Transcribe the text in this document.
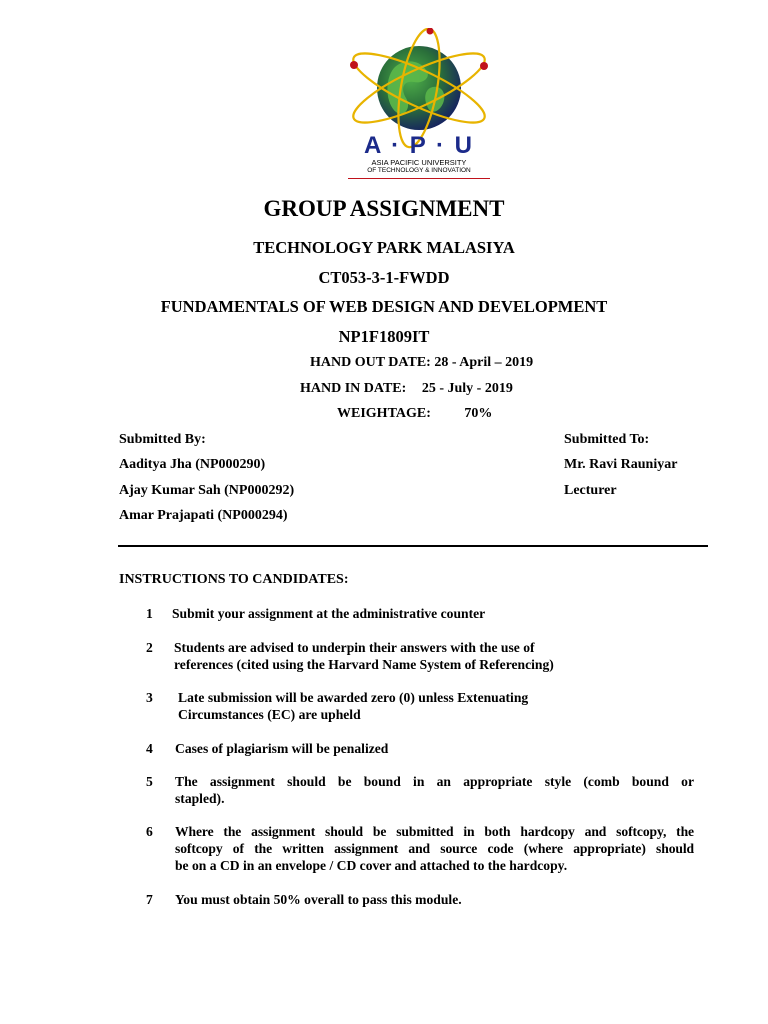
A · P · U
ASIA PACIFIC UNIVERSITY
OF TECHNOLOGY & INNOVATION
GROUP ASSIGNMENT
TECHNOLOGY PARK MALASIYA
CT053-3-1-FWDD
FUNDAMENTALS OF WEB DESIGN AND DEVELOPMENT
NP1F1809IT
HAND OUT DATE: 28 - April – 2019
HAND IN DATE: 25 - July - 2019
WEIGHTAGE: 70%
Submitted By:
Aaditya Jha (NP000290)
Ajay Kumar Sah (NP000292)
Amar Prajapati (NP000294)
Submitted To:
Mr. Ravi Rauniyar
Lecturer
INSTRUCTIONS TO CANDIDATES:
1	Submit your assignment at the administrative counter
2	Students are advised to underpin their answers with the use of
references (cited using the Harvard Name System of Referencing)
3	Late submission will be awarded zero (0) unless Extenuating
Circumstances (EC) are upheld
4	Cases of plagiarism will be penalized
5	The assignment should be bound in an appropriate style (comb bound or
stapled).
6	Where the assignment should be submitted in both hardcopy and softcopy, the
softcopy of the written assignment and source code (where appropriate) should
be on a CD in an envelope / CD cover and attached to the hardcopy.
7	You must obtain 50% overall to pass this module.
